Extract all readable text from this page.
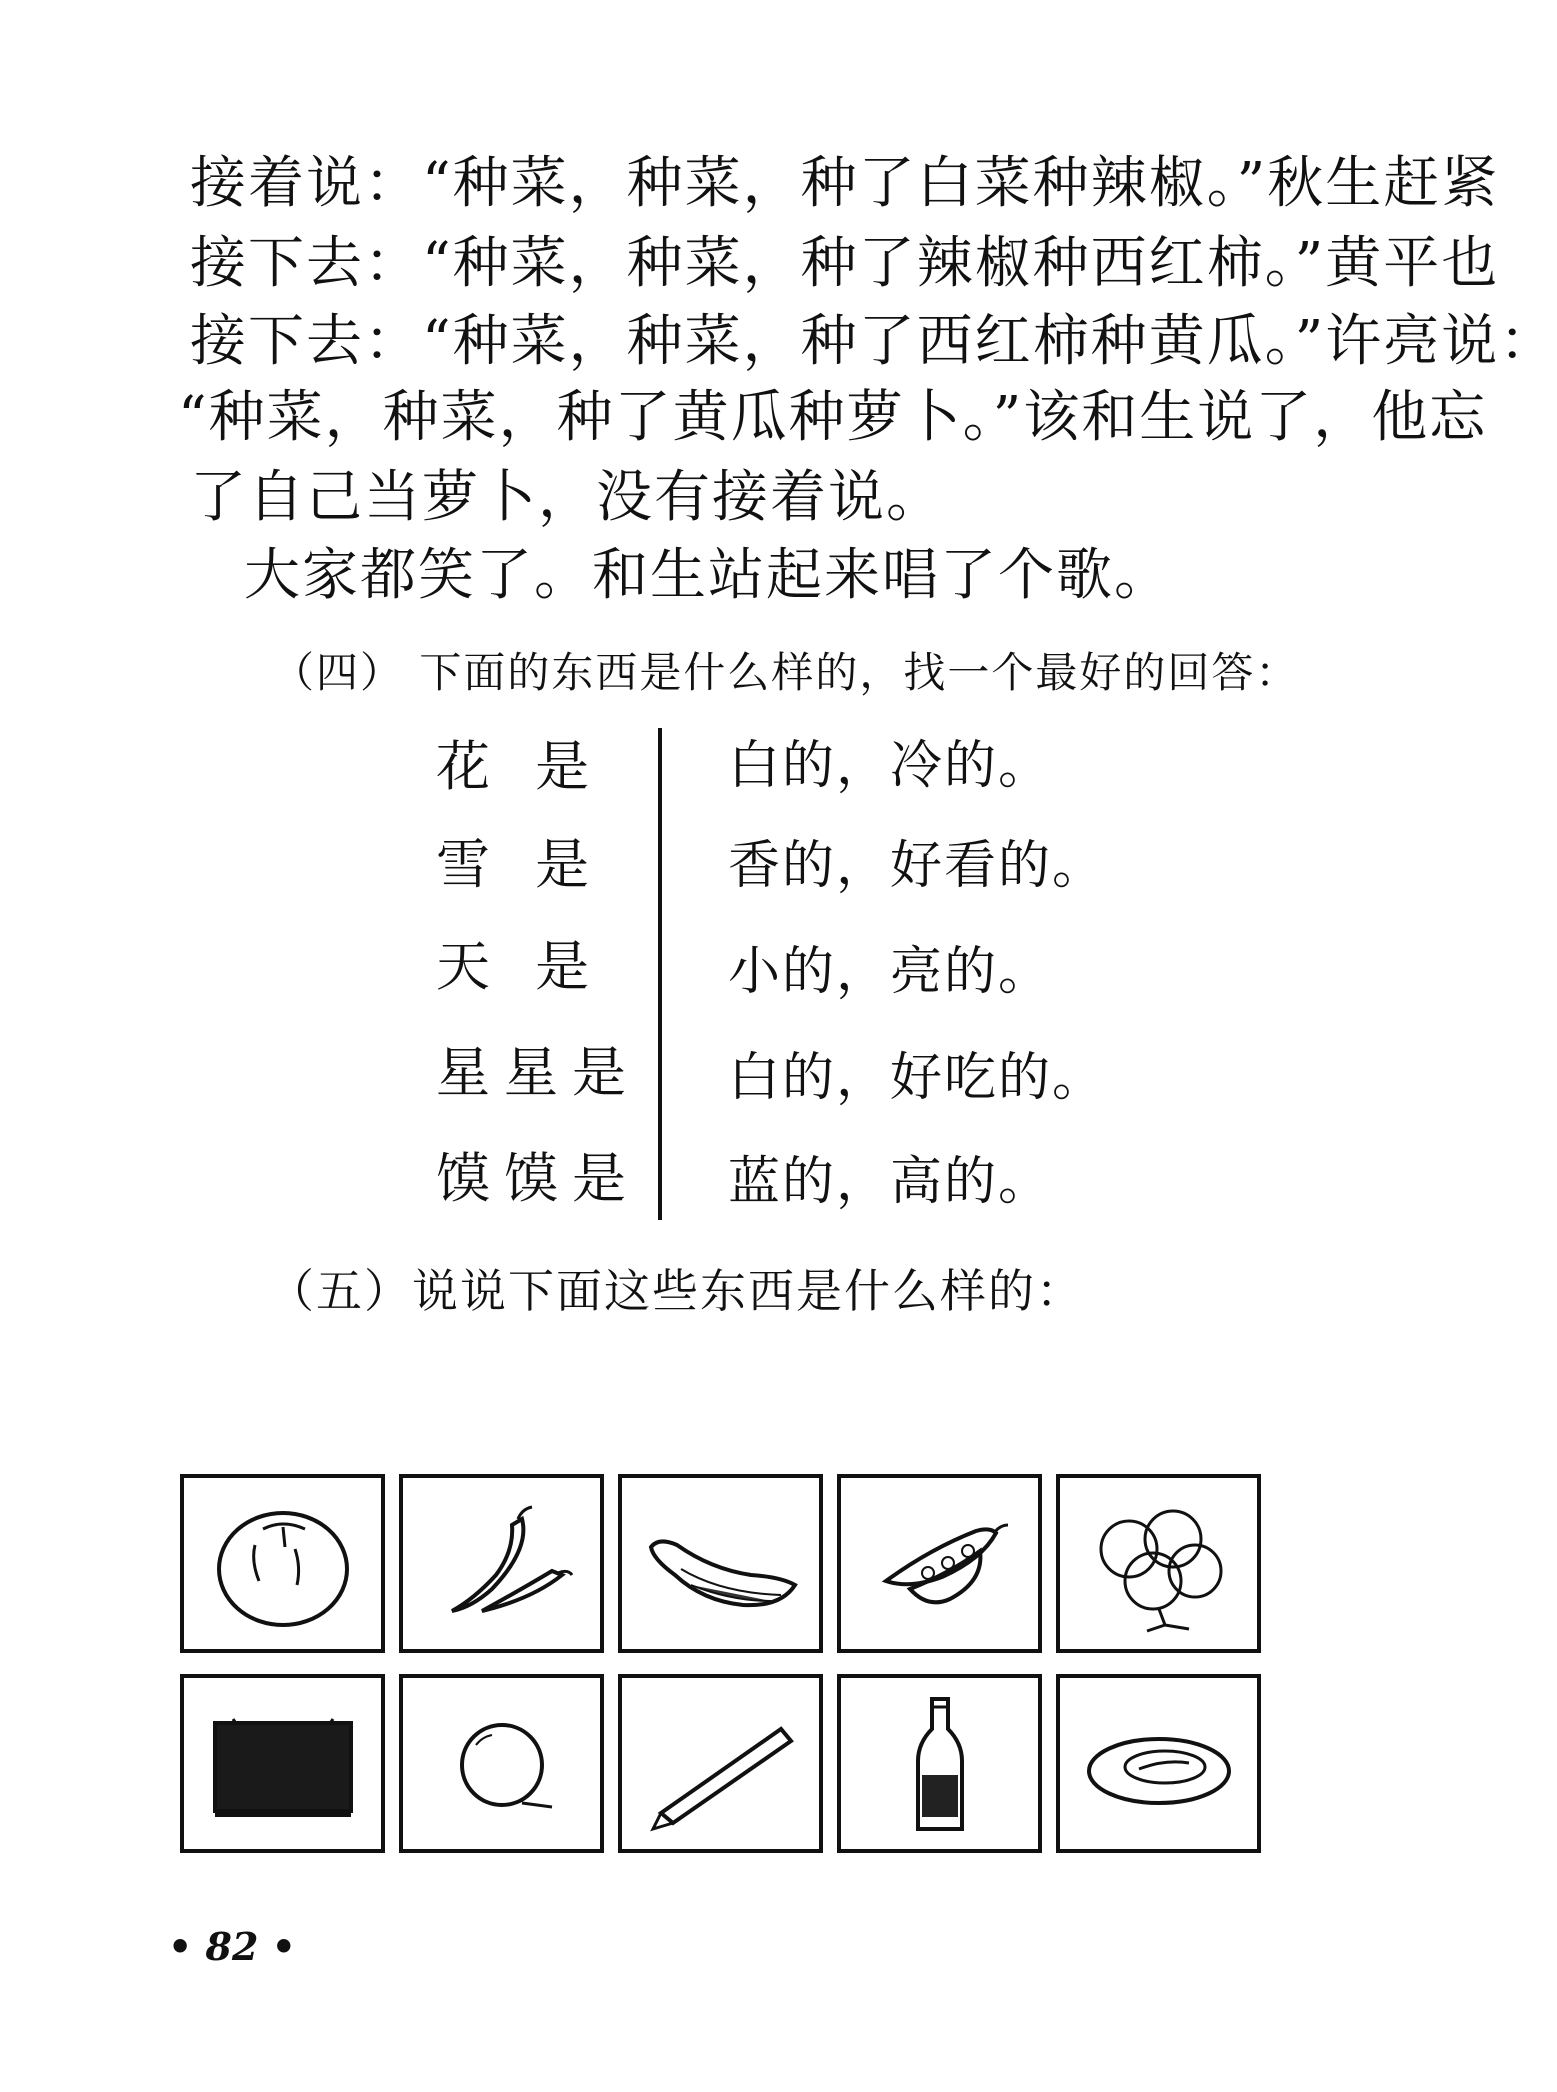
接着说：“种菜，种菜，种了白菜种辣椒。”秋生赶紧
接下去：“种菜，种菜，种了辣椒种西红柿。”黄平也
接下去：“种菜，种菜，种了西红柿种黄瓜。”许亮说：
“种菜，种菜，种了黄瓜种萝卜。”该和生说了，他忘
了自己当萝卜，没有接着说。
大家都笑了。和生站起来唱了个歌。
（四） 下面的东西是什么样的，找一个最好的回答：
花 是
雪 是
天 是
星星是
馍馍是
白的，冷的。
香的，好看的。
小的，亮的。
白的，好吃的。
蓝的，高的。
（五）说说下面这些东西是什么样的：
• 82 •
